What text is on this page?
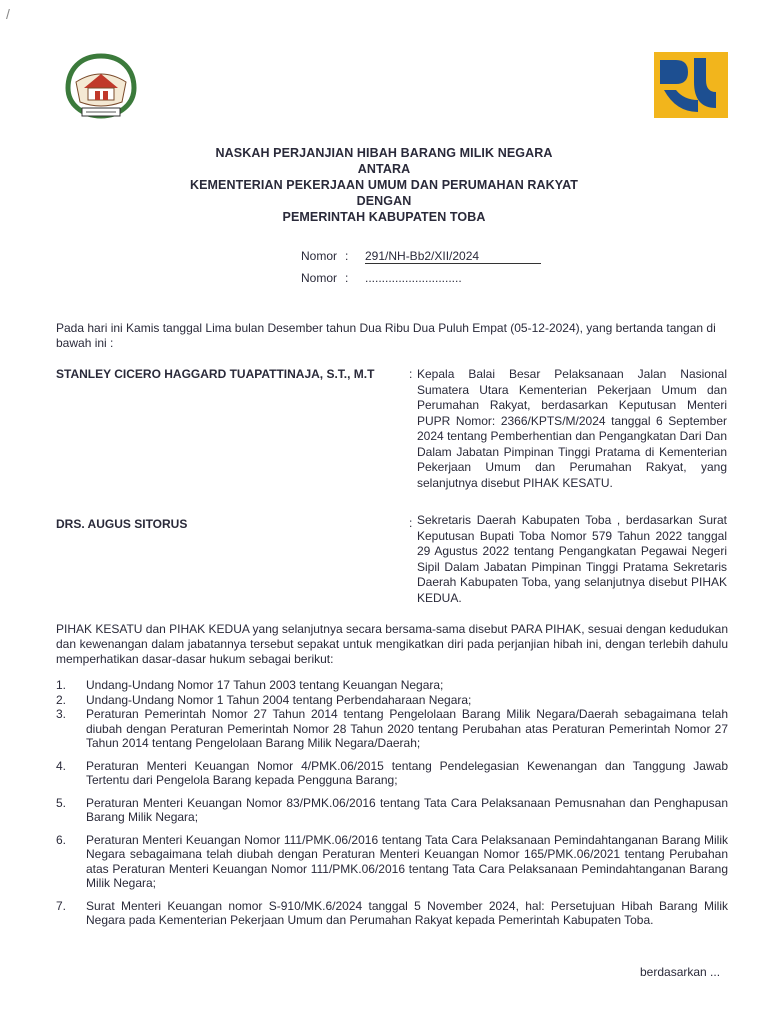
/
NASKAH PERJANJIAN HIBAH BARANG MILIK NEGARA
ANTARA
KEMENTERIAN PEKERJAAN UMUM DAN PERUMAHAN RAKYAT
DENGAN
PEMERINTAH KABUPATEN TOBA
Nomor : 291/NH-Bb2/XII/2024
Nomor : .............................
Pada hari ini Kamis tanggal Lima bulan Desember tahun Dua Ribu Dua Puluh Empat (05-12-2024), yang bertanda tangan di bawah ini :
STANLEY CICERO HAGGARD TUAPATTINAJA, S.T., M.T	: Kepala Balai Besar Pelaksanaan Jalan Nasional Sumatera Utara Kementerian Pekerjaan Umum dan Perumahan Rakyat, berdasarkan Keputusan Menteri PUPR Nomor: 2366/KPTS/M/2024 tanggal 6 September 2024 tentang Pemberhentian dan Pengangkatan Dari Dan Dalam Jabatan Pimpinan Tinggi Pratama di Kementerian Pekerjaan Umum dan Perumahan Rakyat, yang selanjutnya disebut PIHAK KESATU.
DRS. AUGUS SITORUS	: Sekretaris Daerah Kabupaten Toba , berdasarkan Surat Keputusan Bupati Toba Nomor 579 Tahun 2022 tanggal 29 Agustus 2022 tentang Pengangkatan Pegawai Negeri Sipil Dalam Jabatan Pimpinan Tinggi Pratama Sekretaris Daerah Kabupaten Toba, yang selanjutnya disebut PIHAK KEDUA.
PIHAK KESATU dan PIHAK KEDUA yang selanjutnya secara bersama-sama disebut PARA PIHAK, sesuai dengan kedudukan dan kewenangan dalam jabatannya tersebut sepakat untuk mengikatkan diri pada perjanjian hibah ini, dengan terlebih dahulu memperhatikan dasar-dasar hukum sebagai berikut:
1. Undang-Undang Nomor 17 Tahun 2003 tentang Keuangan Negara;
2. Undang-Undang Nomor 1 Tahun 2004 tentang Perbendaharaan Negara;
3. Peraturan Pemerintah Nomor 27 Tahun 2014 tentang Pengelolaan Barang Milik Negara/Daerah sebagaimana telah diubah dengan Peraturan Pemerintah Nomor 28 Tahun 2020 tentang Perubahan atas Peraturan Pemerintah Nomor 27 Tahun 2014 tentang Pengelolaan Barang Milik Negara/Daerah;
4. Peraturan Menteri Keuangan Nomor 4/PMK.06/2015 tentang Pendelegasian Kewenangan dan Tanggung Jawab Tertentu dari Pengelola Barang kepada Pengguna Barang;
5. Peraturan Menteri Keuangan Nomor 83/PMK.06/2016 tentang Tata Cara Pelaksanaan Pemusnahan dan Penghapusan Barang Milik Negara;
6. Peraturan Menteri Keuangan Nomor 111/PMK.06/2016 tentang Tata Cara Pelaksanaan Pemindahtanganan Barang Milik Negara sebagaimana telah diubah dengan Peraturan Menteri Keuangan Nomor 165/PMK.06/2021 tentang Perubahan atas Peraturan Menteri Keuangan Nomor 111/PMK.06/2016 tentang Tata Cara Pelaksanaan Pemindahtanganan Barang Milik Negara;
7. Surat Menteri Keuangan nomor S-910/MK.6/2024 tanggal 5 November 2024, hal: Persetujuan Hibah Barang Milik Negara pada Kementerian Pekerjaan Umum dan Perumahan Rakyat kepada Pemerintah Kabupaten Toba.
berdasarkan ...
